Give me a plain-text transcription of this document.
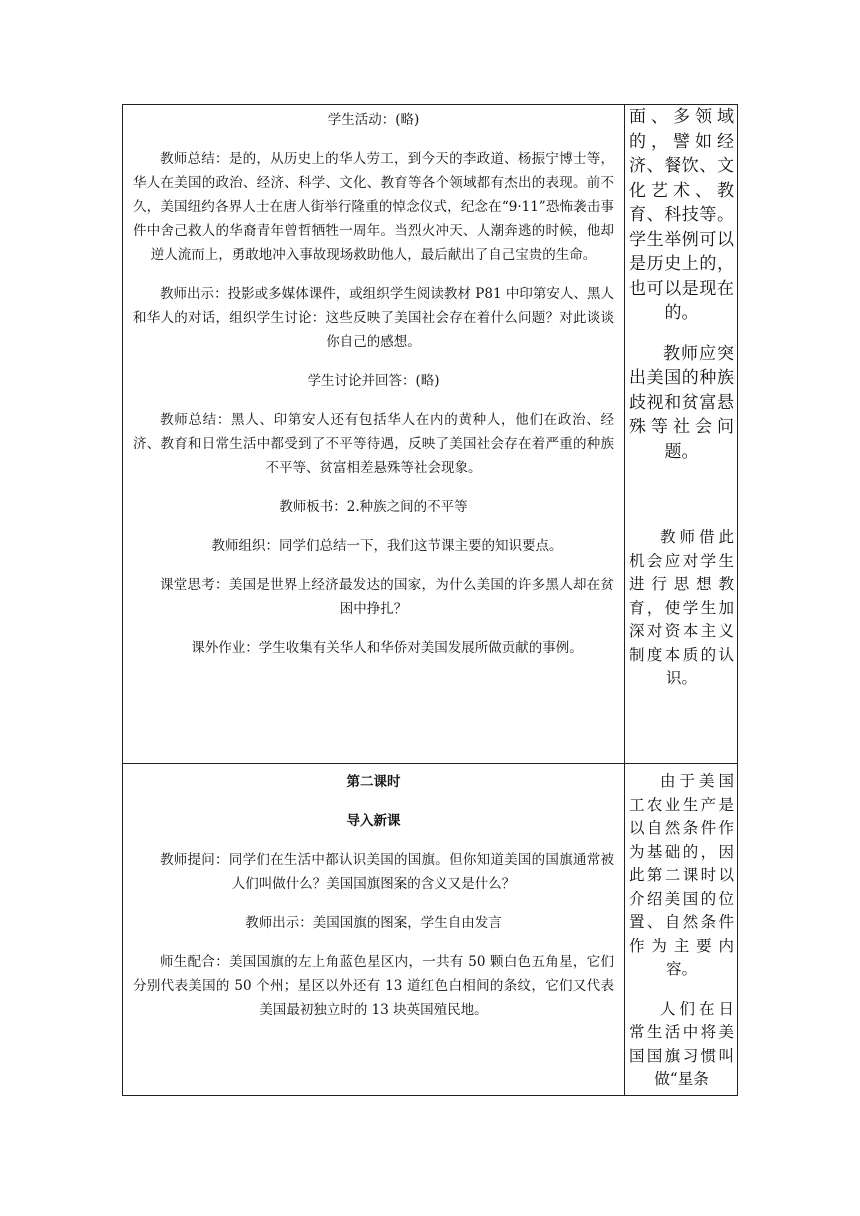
学生活动：(略)

教师总结：是的，从历史上的华人劳工，到今天的李政道、杨振宁博士等，华人在美国的政治、经济、科学、文化、教育等各个领域都有杰出的表现。前不久，美国纽约各界人士在唐人街举行隆重的悼念仪式，纪念在“9·11”恐怖袭击事件中舍己救人的华裔青年曾哲牺牲一周年。当烈火冲天、人潮奔逃的时候，他却逆人流而上，勇敢地冲入事故现场救助他人，最后献出了自己宝贵的生命。

教师出示：投影或多媒体课件，或组织学生阅读教材 P81 中印第安人、黑人和华人的对话，组织学生讨论：这些反映了美国社会存在着什么问题？对此谈谈你自己的感想。

学生讨论并回答：(略)

教师总结：黑人、印第安人还有包括华人在内的黄种人，他们在政治、经济、教育和日常生活中都受到了不平等待遇，反映了美国社会存在着严重的种族不平等、贫富相差悬殊等社会现象。

教师板书：2.种族之间的不平等

教师组织：同学们总结一下，我们这节课主要的知识要点。

课堂思考：美国是世界上经济最发达的国家，为什么美国的许多黑人却在贫困中挣扎？

课外作业：学生收集有关华人和华侨对美国发展所做贡献的事例。

面、多领域的，譬如经济、餐饮、文化艺术、教育、科技等。学生举例可以是历史上的，也可以是现在的。

教师应突出美国的种族歧视和贫富悬殊等社会问题。

教师借此机会应对学生进行思想教育，使学生加深对资本主义制度本质的认识。

第二课时

导入新课

教师提问：同学们在生活中都认识美国的国旗。但你知道美国的国旗通常被人们叫做什么？美国国旗图案的含义又是什么？

教师出示：美国国旗的图案，学生自由发言

师生配合：美国国旗的左上角蓝色星区内，一共有 50 颗白色五角星，它们分别代表美国的 50 个州；星区以外还有 13 道红色白相间的条纹，它们又代表美国最初独立时的 13 块英国殖民地。

由于美国工农业生产是以自然条件作为基础的，因此第二课时以介绍美国的位置、自然条件作为主要内容。

人们在日常生活中将美国国旗习惯叫做“星条
